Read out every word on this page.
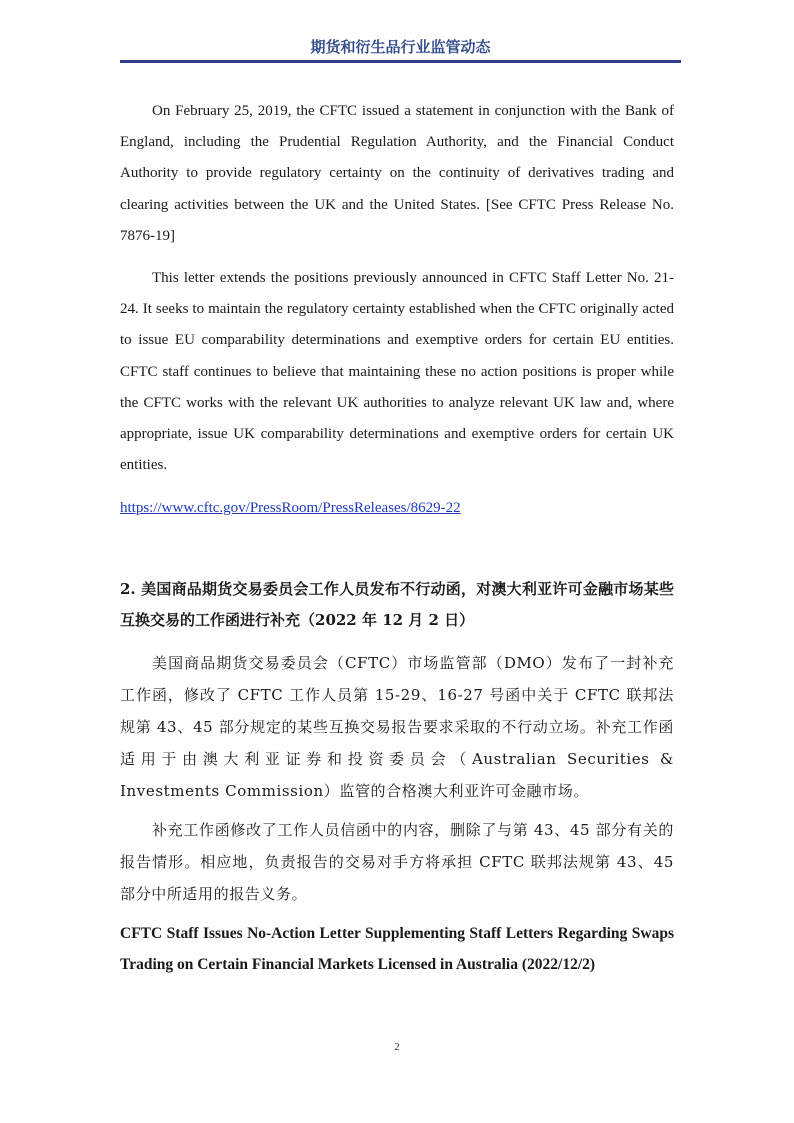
期货和衍生品行业监管动态

On February 25, 2019, the CFTC issued a statement in conjunction with the Bank of England, including the Prudential Regulation Authority, and the Financial Conduct Authority to provide regulatory certainty on the continuity of derivatives trading and clearing activities between the UK and the United States. [See CFTC Press Release No. 7876-19]

This letter extends the positions previously announced in CFTC Staff Letter No. 21-24. It seeks to maintain the regulatory certainty established when the CFTC originally acted to issue EU comparability determinations and exemptive orders for certain EU entities. CFTC staff continues to believe that maintaining these no action positions is proper while the CFTC works with the relevant UK authorities to analyze relevant UK law and, where appropriate, issue UK comparability determinations and exemptive orders for certain UK entities.

https://www.cftc.gov/PressRoom/PressReleases/8629-22
2. 美国商品期货交易委员会工作人员发布不行动函，对澳大利亚许可金融市场某些互换交易的工作函进行补充（2022 年 12 月 2 日）

美国商品期货交易委员会（CFTC）市场监管部（DMO）发布了一封补充工作函，修改了 CFTC 工作人员第 15-29、16-27 号函中关于 CFTC 联邦法规第 43、45 部分规定的某些互换交易报告要求采取的不行动立场。补充工作函适用于由澳大利亚证券和投资委员会（Australian Securities & Investments Commission）监管的合格澳大利亚许可金融市场。

补充工作函修改了工作人员信函中的内容，删除了与第 43、45 部分有关的报告情形。相应地，负责报告的交易对手方将承担 CFTC 联邦法规第 43、45 部分中所适用的报告义务。

CFTC Staff Issues No-Action Letter Supplementing Staff Letters Regarding Swaps Trading on Certain Financial Markets Licensed in Australia (2022/12/2)
2
